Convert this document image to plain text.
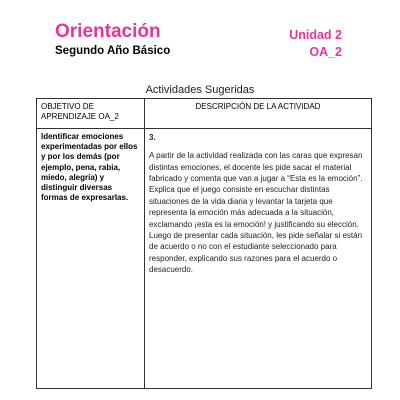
Orientación
Segundo Año Básico
Unidad 2
OA_2
Actividades Sugeridas
OBJETIVO DE APRENDIZAJE OA_2	DESCRIPCIÓN DE LA ACTIVIDAD
Identificar emociones experimentadas por ellos y por los demás (por ejemplo, pena, rabia, miedo, alegría) y distinguir diversas formas de expresarlas.	3.
A partir de la actividad realizada con las caras que expresan distintas emociones, el docente les pide sacar el material fabricado y comenta que van a jugar a “Esta es la emoción”. Explica que el juego consiste en escuchar distintas situaciones de la vida diaria y levantar la tarjeta que representa la emoción más adecuada a la situación, exclamando ¡esta es la emoción! y justificando su elección. Luego de presentar cada situación, les pide señalar si están de acuerdo o no con el estudiante seleccionado para responder, explicando sus razones para el acuerdo o desacuerdo.
